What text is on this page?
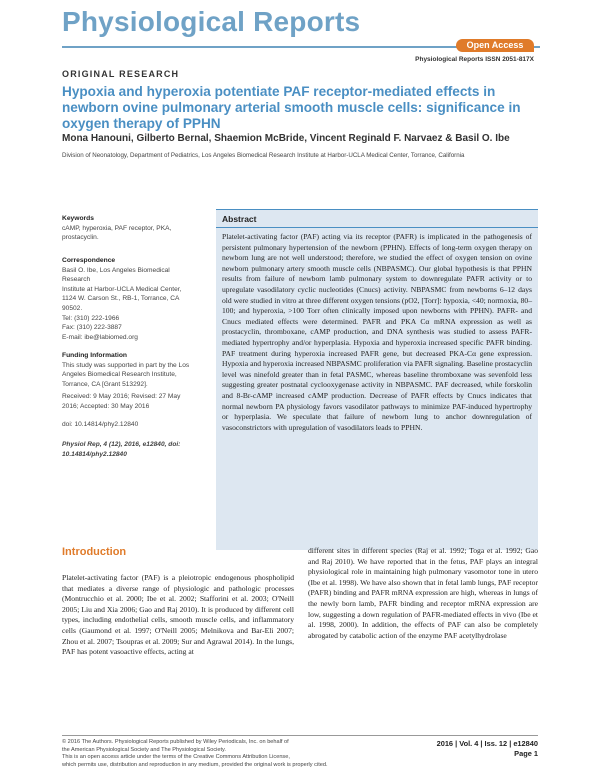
Physiological Reports
Open Access
Physiological Reports ISSN 2051-817X
ORIGINAL RESEARCH
Hypoxia and hyperoxia potentiate PAF receptor-mediated effects in newborn ovine pulmonary arterial smooth muscle cells: significance in oxygen therapy of PPHN
Mona Hanouni, Gilberto Bernal, Shaemion McBride, Vincent Reginald F. Narvaez & Basil O. Ibe
Division of Neonatology, Department of Pediatrics, Los Angeles Biomedical Research Institute at Harbor-UCLA Medical Center, Torrance, California
Keywords

cAMP, hyperoxia, PAF receptor, PKA, prostacyclin.

Correspondence

Basil O. Ibe, Los Angeles Biomedical Research

Institute at Harbor-UCLA Medical Center,

1124 W. Carson St., RB-1, Torrance, CA

90502.

Tel: (310) 222-1966

Fax: (310) 222-3887

E-mail: ibe@labiomed.org

Funding Information

This study was supported in part by the Los Angeles Biomedical Research Institute, Torrance, CA [Grant 513292].

Received: 9 May 2016; Revised: 27 May 2016; Accepted: 30 May 2016
doi: 10.14814/phy2.12840
Physiol Rep, 4 (12), 2016, e12840, doi: 10.14814/phy2.12840
Abstract

Platelet-activating factor (PAF) acting via its receptor (PAFR) is implicated in the pathogenesis of persistent pulmonary hypertension of the newborn (PPHN). Effects of long-term oxygen therapy on newborn lung are not well understood; therefore, we studied the effect of oxygen tension on ovine newborn pulmonary artery smooth muscle cells (NBPASMC). Our global hypothesis is that PPHN results from failure of newborn lamb pulmonary system to downregulate PAFR activity or to upregulate vasodilatory cyclic nucleotides (Cnucs) activity. NBPASMC from newborns 6–12 days old were studied in vitro at three different oxygen tensions (pO2, [Torr]: hypoxia, <40; normoxia, 80–100; and hyperoxia, >100 Torr often clinically imposed upon newborns with PPHN). PAFR- and Cnucs mediated effects were determined. PAFR and PKA Cα mRNA expression as well as prostacyclin, thromboxane, cAMP production, and DNA synthesis was studied to assess PAFR-mediated hypertrophy and/or hyperplasia. Hypoxia and hyperoxia increased specific PAFR binding. PAF treatment during hyperoxia increased PAFR gene, but decreased PKA-Cα gene expression. Hypoxia and hyperoxia increased NBPASMC proliferation via PAFR signaling. Baseline prostacyclin level was ninefold greater than in fetal PASMC, whereas baseline thromboxane was sevenfold less suggesting greater postnatal cyclooxygenase activity in NBPASMC. PAF decreased, while forskolin and 8-Br-cAMP increased cAMP production. Decrease of PAFR effects by Cnucs indicates that normal newborn PA physiology favors vasodilator pathways to minimize PAF-induced hypertrophy or hyperplasia. We speculate that failure of newborn lung to anchor downregulation of vasoconstrictors with upregulation of vasodilators leads to PPHN.

Introduction
Platelet-activating factor (PAF) is a pleiotropic endogenous phospholipid that mediates a diverse range of physiologic and pathologic processes (Montrucchio et al. 2000; Ibe et al. 2002; Stafforini et al. 2003; O'Neill 2005; Liu and Xia 2006; Gao and Raj 2010). It is produced by different cell types, including endothelial cells, smooth muscle cells, and inflammatory cells (Gaumond et al. 1997; O'Neill 2005; Melnikova and Bar-Eli 2007; Zhou et al. 2007; Tsoupras et al. 2009; Sur and Agrawal 2014). In the lungs, PAF has potent vasoactive effects, acting at
different sites in different species (Raj et al. 1992; Toga et al. 1992; Gao and Raj 2010). We have reported that in the fetus, PAF plays an integral physiological role in maintaining high pulmonary vasomotor tone in utero (Ibe et al. 1998). We have also shown that in fetal lamb lungs, PAF receptor (PAFR) binding and PAFR mRNA expression are high, whereas in lungs of the newly born lamb, PAFR binding and receptor mRNA expression are low, suggesting a down regulation of PAFR-mediated effects in vivo (Ibe et al. 1998, 2000). In addition, the effects of PAF can also be completely abrogated by catabolic action of the enzyme PAF acetylhydrolase
© 2016 The Authors. Physiological Reports published by Wiley Periodicals, Inc. on behalf of
the American Physiological Society and The Physiological Society.
This is an open access article under the terms of the Creative Commons Attribution License,
which permits use, distribution and reproduction in any medium, provided the original work is properly cited.
2016 | Vol. 4 | Iss. 12 | e12840
Page 1
